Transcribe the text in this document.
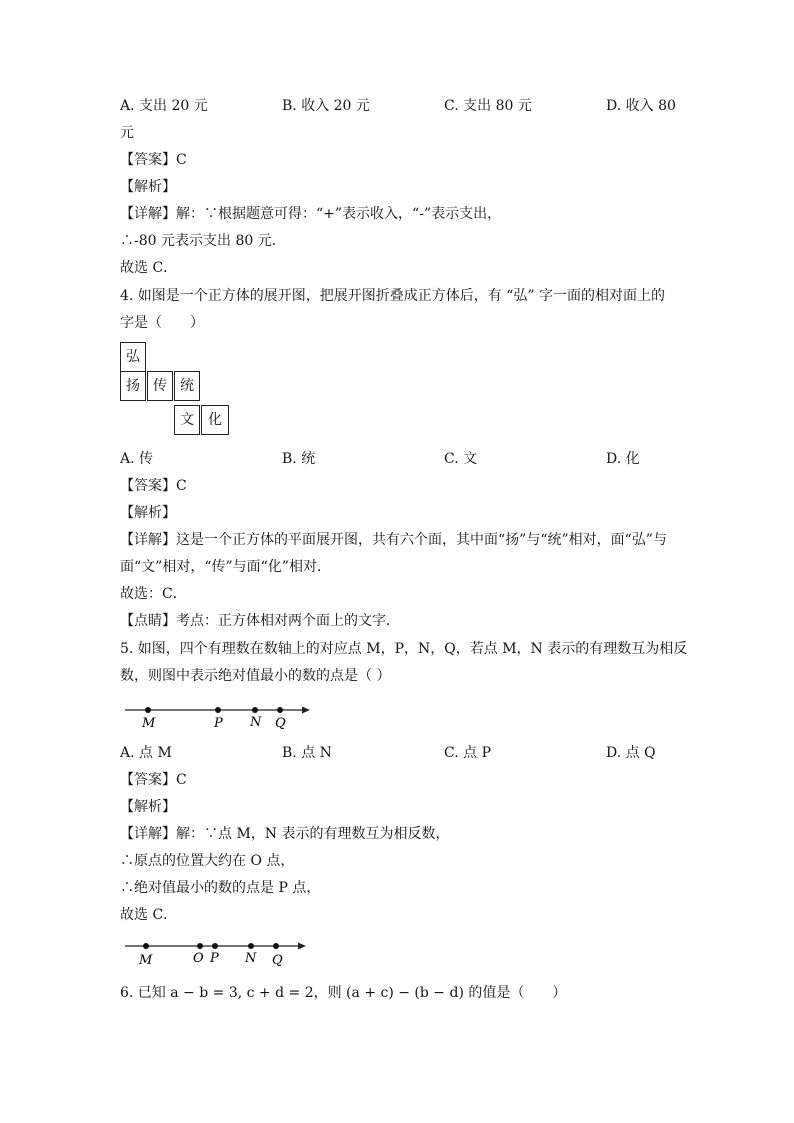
A. 支出 20 元	B. 收入 20 元	C. 支出 80 元	D. 收入 80
元
【答案】C
【解析】
【详解】解：∵根据题意可得：“+”表示收入，“-”表示支出，
∴-80 元表示支出 80 元．
故选 C．
4. 如图是一个正方体的展开图，把展开图折叠成正方体后，有 “弘” 字一面的相对面上的
字是（　　）
弘
扬 传 统
文	化
A. 传	B. 统	C. 文	D. 化
【答案】C
【解析】
【详解】这是一个正方体的平面展开图，共有六个面，其中面“扬”与“统”相对，面“弘”与
面“文”相对，“传”与面“化”相对．
故选：C．
【点睛】考点：正方体相对两个面上的文字．
5. 如图，四个有理数在数轴上的对应点 M，P，N，Q，若点 M，N 表示的有理数互为相反
数，则图中表示绝对值最小的数的点是（ ）
M	P N Q
A. 点 M	B. 点 N	C. 点 P	D. 点 Q
【答案】C
【解析】
【详解】解：∵点 M，N 表示的有理数互为相反数，
∴原点的位置大约在 O 点，
∴绝对值最小的数的点是 P 点，
故选 C．
M	O P N Q
6. 已知 a − b = 3, c + d = 2，则 (a + c) − (b − d) 的值是（　　）
